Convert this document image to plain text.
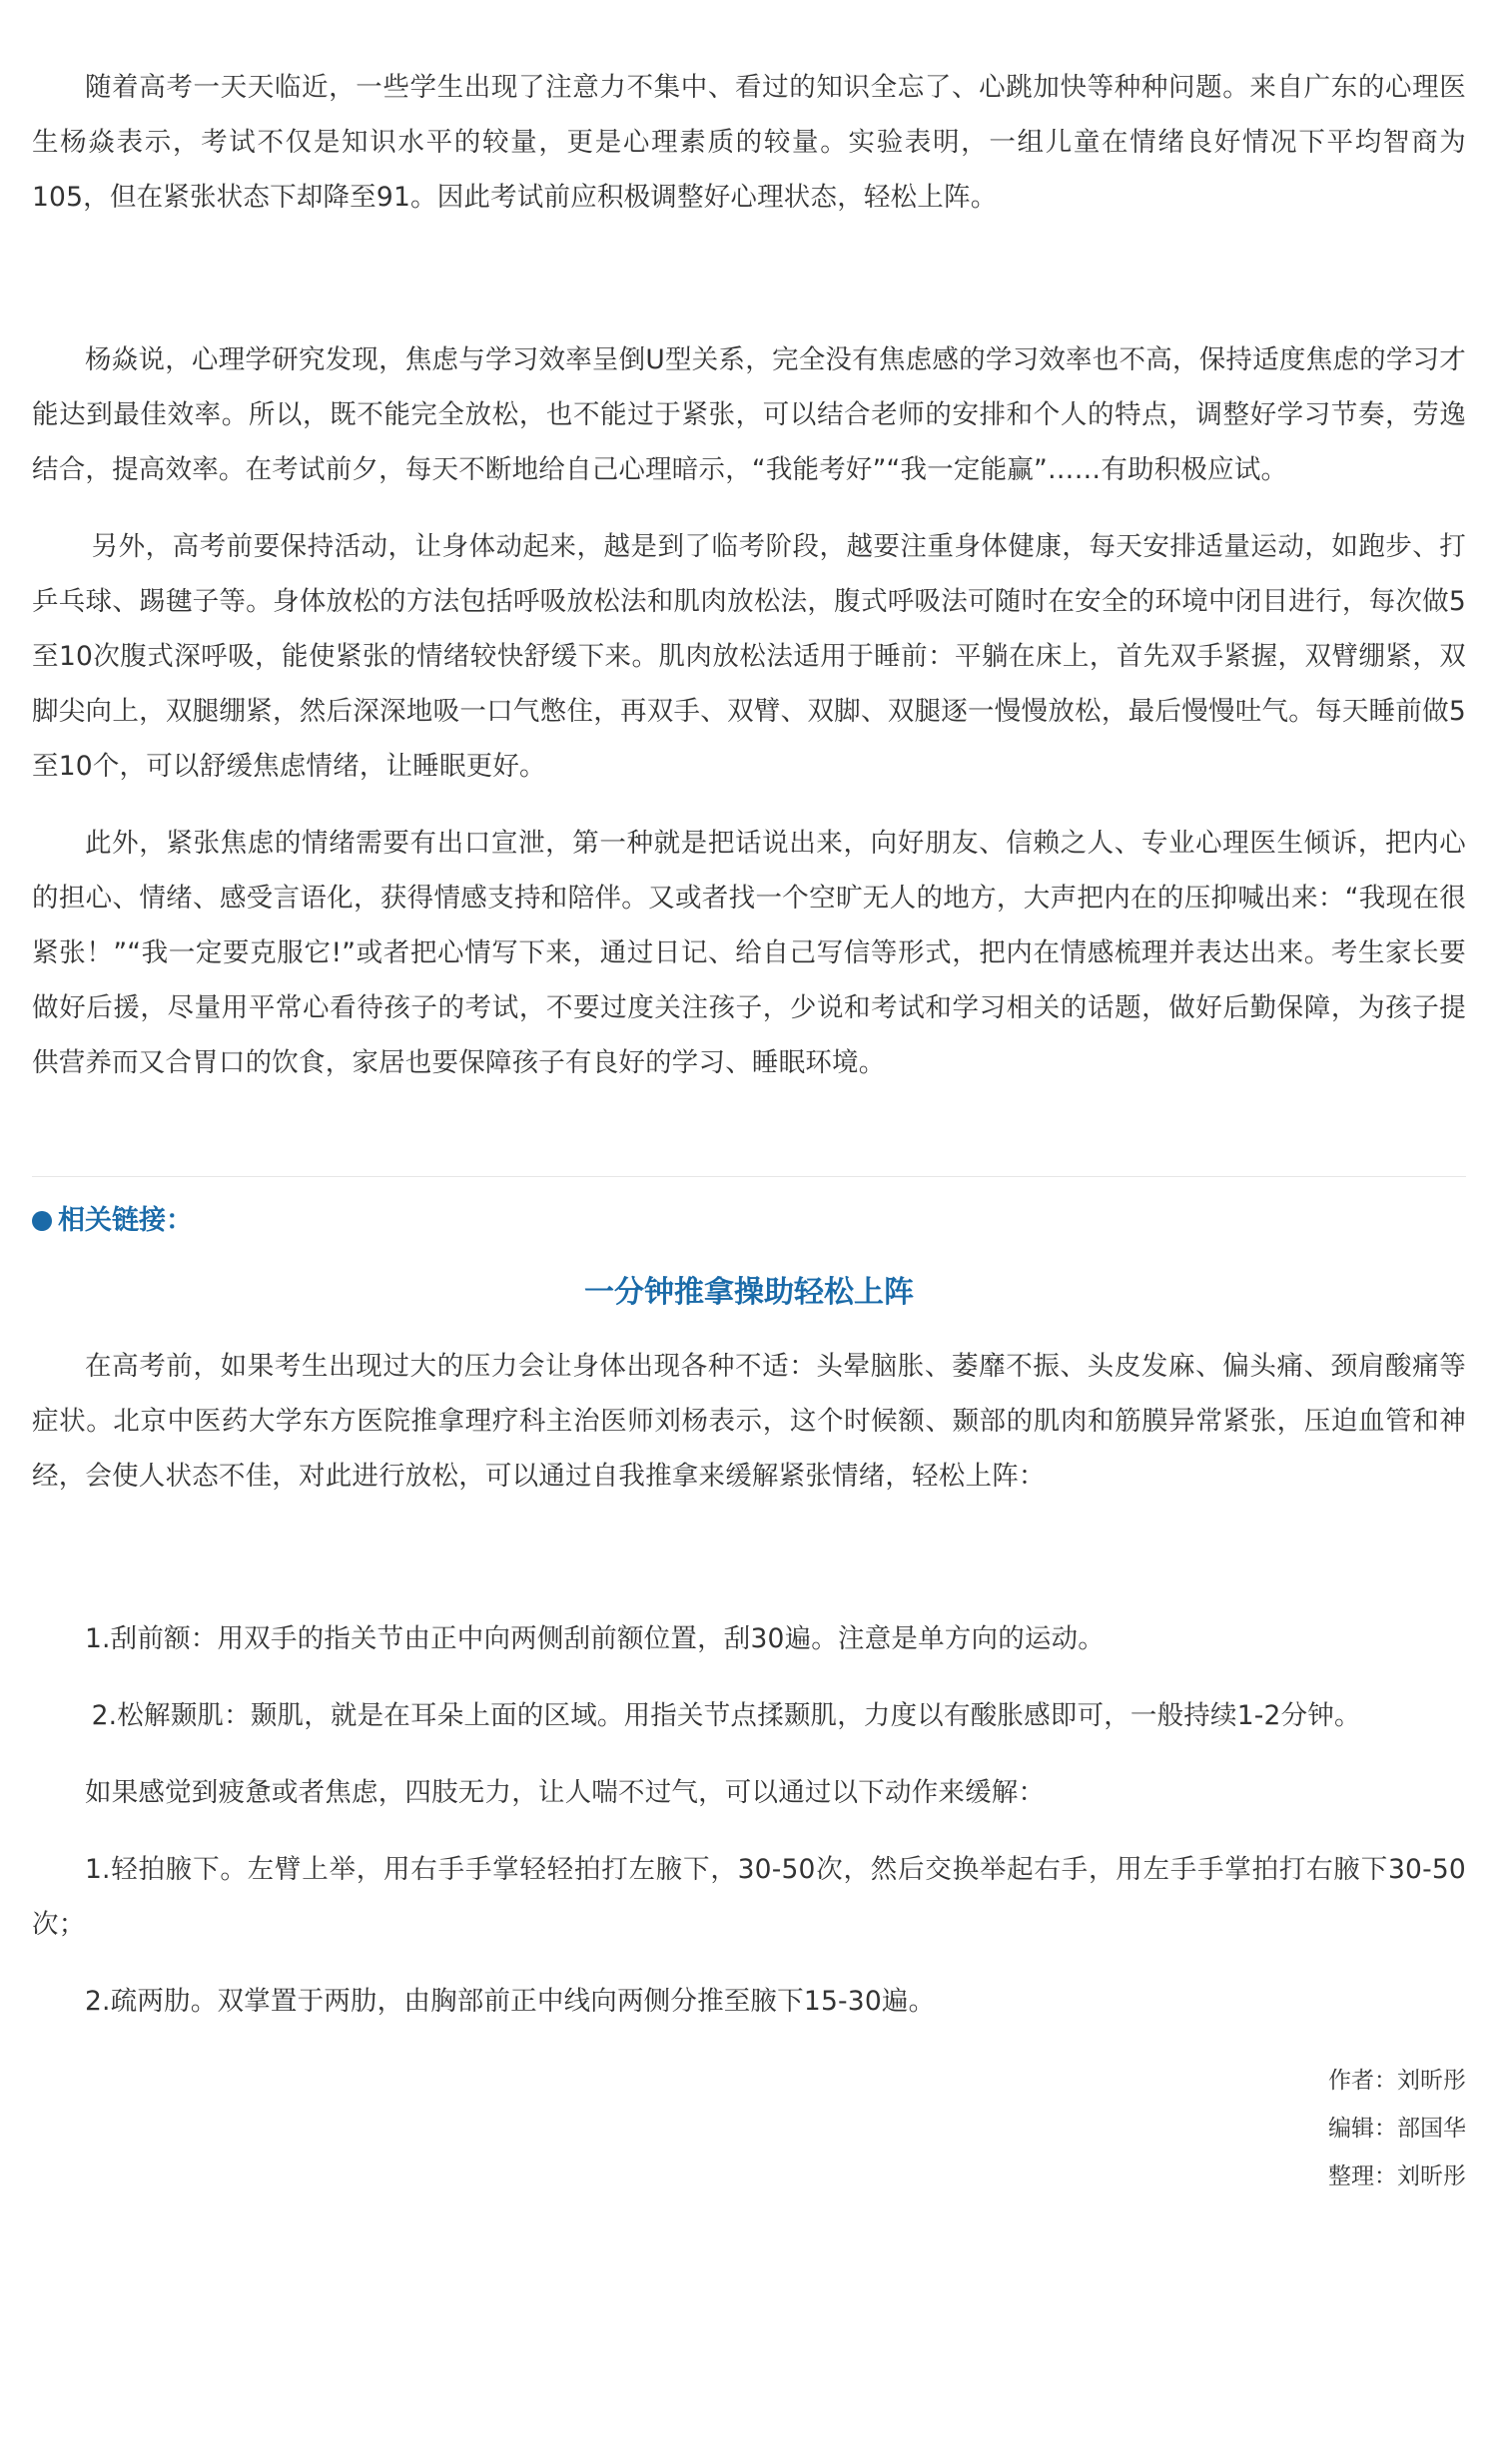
随着高考一天天临近，一些学生出现了注意力不集中、看过的知识全忘了、心跳加快等种种问题。来自广东的心理医生杨焱表示，考试不仅是知识水平的较量，更是心理素质的较量。实验表明，一组儿童在情绪良好情况下平均智商为105，但在紧张状态下却降至91。因此考试前应积极调整好心理状态，轻松上阵。

杨焱说，心理学研究发现，焦虑与学习效率呈倒U型关系，完全没有焦虑感的学习效率也不高，保持适度焦虑的学习才能达到最佳效率。所以，既不能完全放松，也不能过于紧张，可以结合老师的安排和个人的特点，调整好学习节奏，劳逸结合，提高效率。在考试前夕，每天不断地给自己心理暗示，“我能考好”“我一定能赢”……有助积极应试。

另外，高考前要保持活动，让身体动起来，越是到了临考阶段，越要注重身体健康，每天安排适量运动，如跑步、打乒乓球、踢毽子等。身体放松的方法包括呼吸放松法和肌肉放松法，腹式呼吸法可随时在安全的环境中闭目进行，每次做5至10次腹式深呼吸，能使紧张的情绪较快舒缓下来。肌肉放松法适用于睡前：平躺在床上，首先双手紧握，双臂绷紧，双脚尖向上，双腿绷紧，然后深深地吸一口气憋住，再双手、双臂、双脚、双腿逐一慢慢放松，最后慢慢吐气。每天睡前做5至10个，可以舒缓焦虑情绪，让睡眠更好。

此外，紧张焦虑的情绪需要有出口宣泄，第一种就是把话说出来，向好朋友、信赖之人、专业心理医生倾诉，把内心的担心、情绪、感受言语化，获得情感支持和陪伴。又或者找一个空旷无人的地方，大声把内在的压抑喊出来：“我现在很紧张！”“我一定要克服它!”或者把心情写下来，通过日记、给自己写信等形式，把内在情感梳理并表达出来。考生家长要做好后援，尽量用平常心看待孩子的考试，不要过度关注孩子，少说和考试和学习相关的话题，做好后勤保障，为孩子提供营养而又合胃口的饮食，家居也要保障孩子有良好的学习、睡眠环境。

相关链接：
一分钟推拿操助轻松上阵

在高考前，如果考生出现过大的压力会让身体出现各种不适：头晕脑胀、萎靡不振、头皮发麻、偏头痛、颈肩酸痛等症状。北京中医药大学东方医院推拿理疗科主治医师刘杨表示，这个时候额、颞部的肌肉和筋膜异常紧张，压迫血管和神经，会使人状态不佳，对此进行放松，可以通过自我推拿来缓解紧张情绪，轻松上阵：

1.刮前额：用双手的指关节由正中向两侧刮前额位置，刮30遍。注意是单方向的运动。

2.松解颞肌：颞肌，就是在耳朵上面的区域。用指关节点揉颞肌，力度以有酸胀感即可，一般持续1-2分钟。

如果感觉到疲惫或者焦虑，四肢无力，让人喘不过气，可以通过以下动作来缓解：

1.轻拍腋下。左臂上举，用右手手掌轻轻拍打左腋下，30-50次，然后交换举起右手，用左手手掌拍打右腋下30-50次；

2.疏两肋。双掌置于两肋，由胸部前正中线向两侧分推至腋下15-30遍。

作者：刘昕彤
编辑：部国华
整理：刘昕彤
